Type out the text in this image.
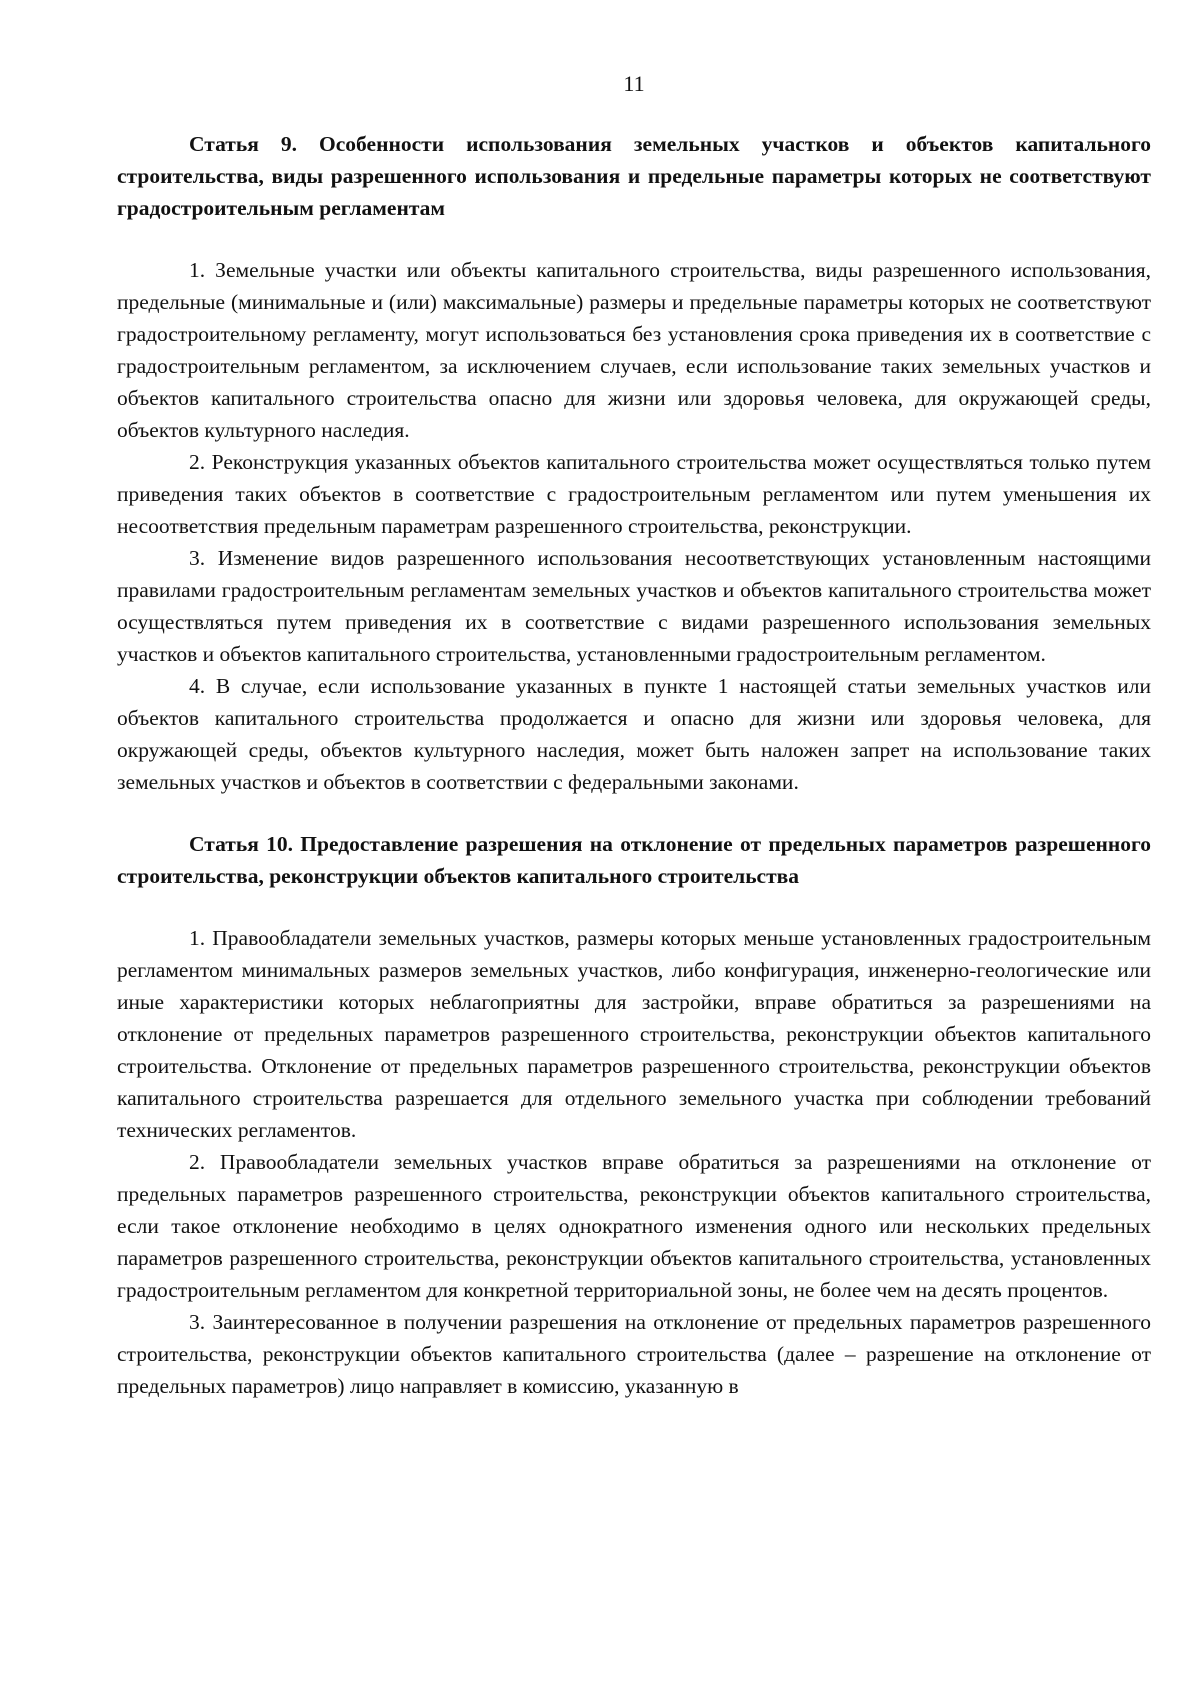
11
Статья 9. Особенности использования земельных участков и объектов капитального строительства, виды разрешенного использования и предельные параметры которых не соответствуют градостроительным регламентам

1. Земельные участки или объекты капитального строительства, виды разрешенного использования, предельные (минимальные и (или) максимальные) размеры и предельные параметры которых не соответствуют градостроительному регламенту, могут использоваться без установления срока приведения их в соответствие с градостроительным регламентом, за исключением случаев, если использование таких земельных участков и объектов капитального строительства опасно для жизни или здоровья человека, для окружающей среды, объектов культурного наследия.

2. Реконструкция указанных объектов капитального строительства может осуществляться только путем приведения таких объектов в соответствие с градостроительным регламентом или путем уменьшения их несоответствия предельным параметрам разрешенного строительства, реконструкции.

3. Изменение видов разрешенного использования несоответствующих установленным настоящими правилами градостроительным регламентам земельных участков и объектов капитального строительства может осуществляться путем приведения их в соответствие с видами разрешенного использования земельных участков и объектов капитального строительства, установленными градостроительным регламентом.

4. В случае, если использование указанных в пункте 1 настоящей статьи земельных участков или объектов капитального строительства продолжается и опасно для жизни или здоровья человека, для окружающей среды, объектов культурного наследия, может быть наложен запрет на использование таких земельных участков и объектов в соответствии с федеральными законами.

Статья 10. Предоставление разрешения на отклонение от предельных параметров разрешенного строительства, реконструкции объектов капитального строительства

1. Правообладатели земельных участков, размеры которых меньше установленных градостроительным регламентом минимальных размеров земельных участков, либо конфигурация, инженерно-геологические или иные характеристики которых неблагоприятны для застройки, вправе обратиться за разрешениями на отклонение от предельных параметров разрешенного строительства, реконструкции объектов капитального строительства. Отклонение от предельных параметров разрешенного строительства, реконструкции объектов капитального строительства разрешается для отдельного земельного участка при соблюдении требований технических регламентов.

2. Правообладатели земельных участков вправе обратиться за разрешениями на отклонение от предельных параметров разрешенного строительства, реконструкции объектов капитального строительства, если такое отклонение необходимо в целях однократного изменения одного или нескольких предельных параметров разрешенного строительства, реконструкции объектов капитального строительства, установленных градостроительным регламентом для конкретной территориальной зоны, не более чем на десять процентов.

3. Заинтересованное в получении разрешения на отклонение от предельных параметров разрешенного строительства, реконструкции объектов капитального строительства (далее – разрешение на отклонение от предельных параметров) лицо направляет в комиссию, указанную в
